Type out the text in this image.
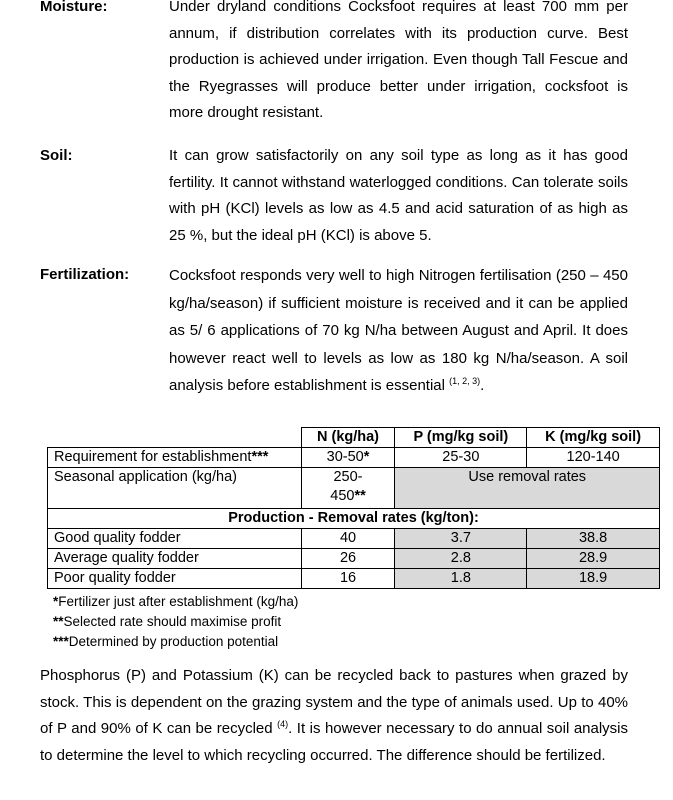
Moisture:	Under dryland conditions Cocksfoot requires at least 700 mm per annum, if distribution correlates with its production curve. Best production is achieved under irrigation. Even though Tall Fescue and the Ryegrasses will produce better under irrigation, cocksfoot is more drought resistant.
Soil:	It can grow satisfactorily on any soil type as long as it has good fertility. It cannot withstand waterlogged conditions. Can tolerate soils with pH (KCl) levels as low as 4.5 and acid saturation of as high as 25 %, but the ideal pH (KCl) is above 5.
Fertilization:	Cocksfoot responds very well to high Nitrogen fertilisation (250 – 450 kg/ha/season) if sufficient moisture is received and it can be applied as 5/ 6 applications of 70 kg N/ha between August and April. It does however react well to levels as low as 180 kg N/ha/season. A soil analysis before establishment is essential $^{(1, 2, 3)}$.
	N (kg/ha)	P (mg/kg soil)	K (mg/kg soil)
Requirement for establishment***	30-50*	25-30	120-140
Seasonal application (kg/ha)	250-450**	Use removal rates	
Production - Removal rates (kg/ton):			
Good quality fodder	40	3.7	38.8
Average quality fodder	26	2.8	28.9
Poor quality fodder	16	1.8	18.9
*Fertilizer just after establishment (kg/ha)
**Selected rate should maximise profit
***Determined by production potential
Phosphorus (P) and Potassium (K) can be recycled back to pastures when grazed by stock. This is dependent on the grazing system and the type of animals used. Up to 40% of P and 90% of K can be recycled $^{(4)}$. It is however necessary to do annual soil analysis to determine the level to which recycling occurred. The difference should be fertilized.
